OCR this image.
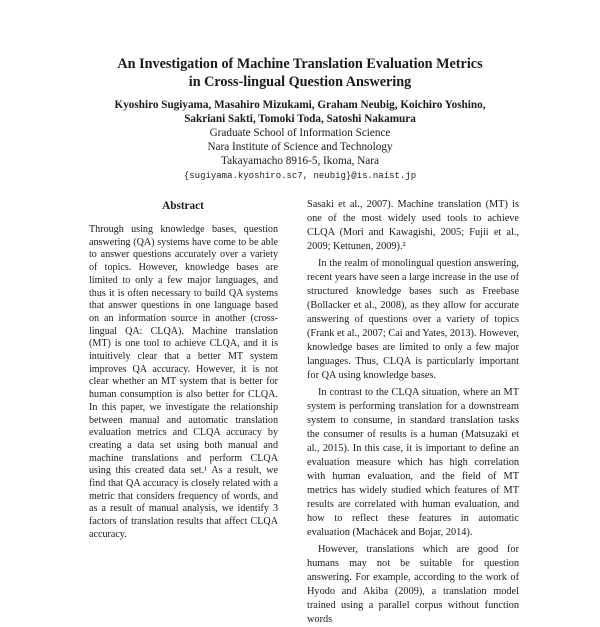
An Investigation of Machine Translation Evaluation Metrics
in Cross-lingual Question Answering
Kyoshiro Sugiyama, Masahiro Mizukami, Graham Neubig, Koichiro Yoshino,
Sakriani Sakti, Tomoki Toda, Satoshi Nakamura
Graduate School of Information Science
Nara Institute of Science and Technology
Takayamacho 8916-5, Ikoma, Nara
{sugiyama.kyoshiro.sc7, neubig}@is.naist.jp
Abstract

Through using knowledge bases, question answering (QA) systems have come to be able to answer questions accurately over a variety of topics. However, knowledge bases are limited to only a few major languages, and thus it is often necessary to build QA systems that answer questions in one language based on an information source in another (cross-lingual QA: CLQA). Machine translation (MT) is one tool to achieve CLQA, and it is intuitively clear that a better MT system improves QA accuracy. However, it is not clear whether an MT system that is better for human consumption is also better for CLQA. In this paper, we investigate the relationship between manual and automatic translation evaluation metrics and CLQA accuracy by creating a data set using both manual and machine translations and perform CLQA using this created data set.¹ As a result, we find that QA accuracy is closely related with a metric that considers frequency of words, and as a result of manual analysis, we identify 3 factors of translation results that affect CLQA accuracy.

Sasaki et al., 2007). Machine translation (MT) is one of the most widely used tools to achieve CLQA (Mori and Kawagishi, 2005; Fujii et al., 2009; Kettunen, 2009).²

In the realm of monolingual question answering, recent years have seen a large increase in the use of structured knowledge bases such as Freebase (Bollacker et al., 2008), as they allow for accurate answering of questions over a variety of topics (Frank et al., 2007; Cai and Yates, 2013). However, knowledge bases are limited to only a few major languages. Thus, CLQA is particularly important for QA using knowledge bases.

In contrast to the CLQA situation, where an MT system is performing translation for a downstream system to consume, in standard translation tasks the consumer of results is a human (Matsuzaki et al., 2015). In this case, it is important to define an evaluation measure which has high correlation with human evaluation, and the field of MT metrics has widely studied which features of MT results are correlated with human evaluation, and how to reflect these features in automatic evaluation (Machácek and Bojar, 2014).

However, translations which are good for humans may not be suitable for question answering. For example, according to the work of Hyodo and Akiba (2009), a translation model trained using a parallel corpus without function words
